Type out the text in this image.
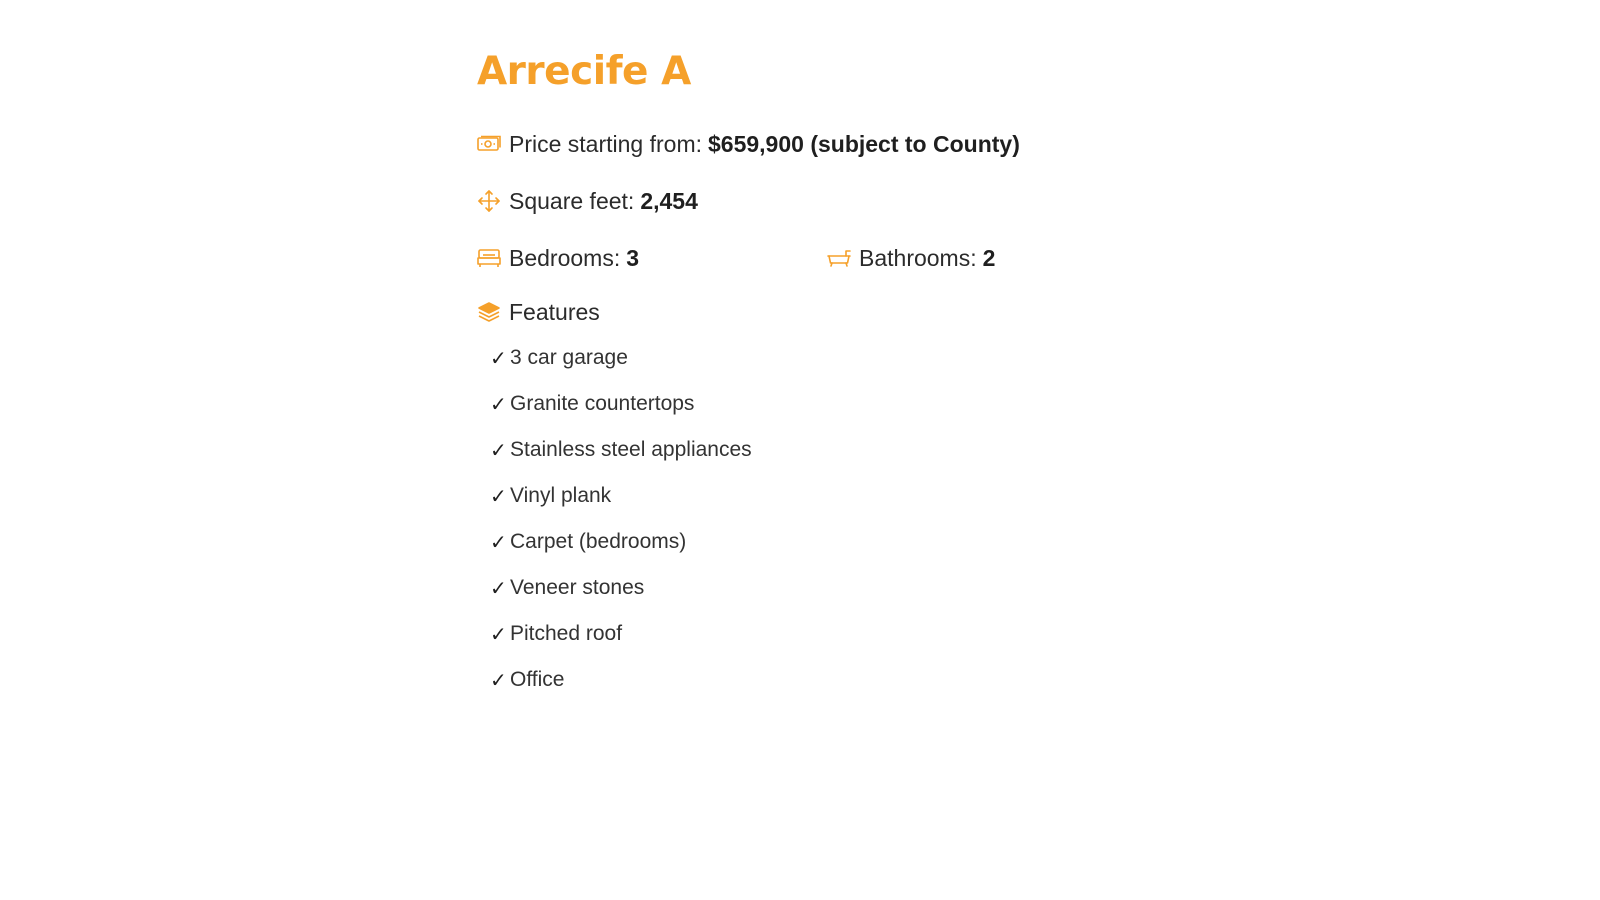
Arrecife A
Price starting from: $659,900 (subject to County)
Square feet: 2,454
Bedrooms: 3	Bathrooms: 2
Features
✓ 3 car garage
✓ Granite countertops
✓ Stainless steel appliances
✓ Vinyl plank
✓ Carpet (bedrooms)
✓ Veneer stones
✓ Pitched roof
✓ Office
